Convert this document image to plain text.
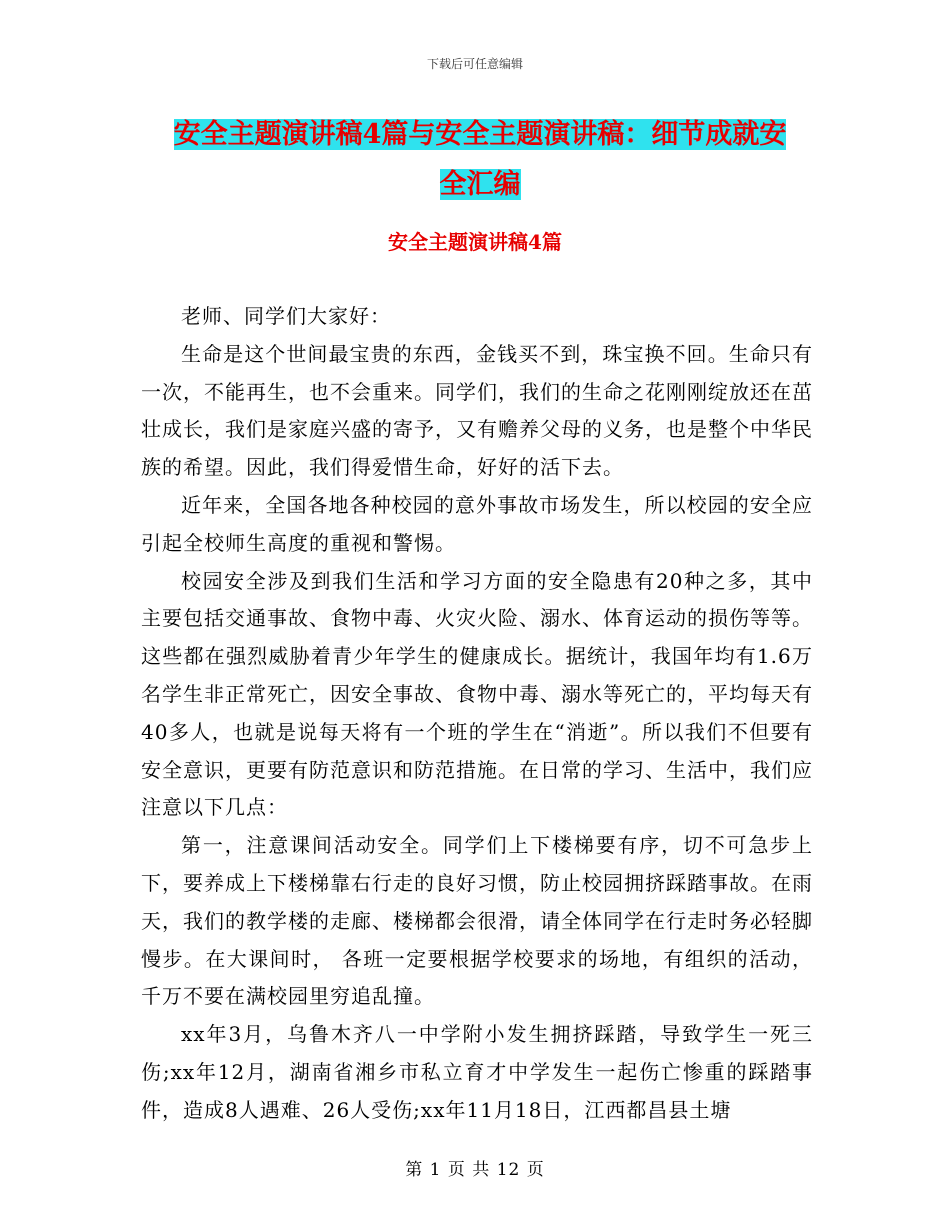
下载后可任意编辑
安全主题演讲稿4篇与安全主题演讲稿：细节成就安
全汇编
安全主题演讲稿4篇

老师、同学们大家好：

生命是这个世间最宝贵的东西，金钱买不到，珠宝换不回。生命只有一次，不能再生，也不会重来。同学们，我们的生命之花刚刚绽放还在茁壮成长，我们是家庭兴盛的寄予，又有赡养父母的义务，也是整个中华民族的希望。因此，我们得爱惜生命，好好的活下去。

近年来，全国各地各种校园的意外事故市场发生，所以校园的安全应引起全校师生高度的重视和警惕。

校园安全涉及到我们生活和学习方面的安全隐患有20种之多，其中主要包括交通事故、食物中毒、火灾火险、溺水、体育运动的损伤等等。这些都在强烈威胁着青少年学生的健康成长。据统计，我国年均有1.6万名学生非正常死亡，因安全事故、食物中毒、溺水等死亡的，平均每天有40多人，也就是说每天将有一个班的学生在“消逝”。所以我们不但要有安全意识，更要有防范意识和防范措施。在日常的学习、生活中，我们应注意以下几点：

第一，注意课间活动安全。同学们上下楼梯要有序，切不可急步上下，要养成上下楼梯靠右行走的良好习惯，防止校园拥挤踩踏事故。在雨天，我们的教学楼的走廊、楼梯都会很滑，请全体同学在行走时务必轻脚慢步。在大课间时， 各班一定要根据学校要求的场地，有组织的活动，千万不要在满校园里穷追乱撞。

xx年3月，乌鲁木齐八一中学附小发生拥挤踩踏，导致学生一死三伤;xx年12月，湖南省湘乡市私立育才中学发生一起伤亡惨重的踩踏事件，造成8人遇难、26人受伤;xx年11月18日，江西都昌县土塘

第 1 页 共 12 页
